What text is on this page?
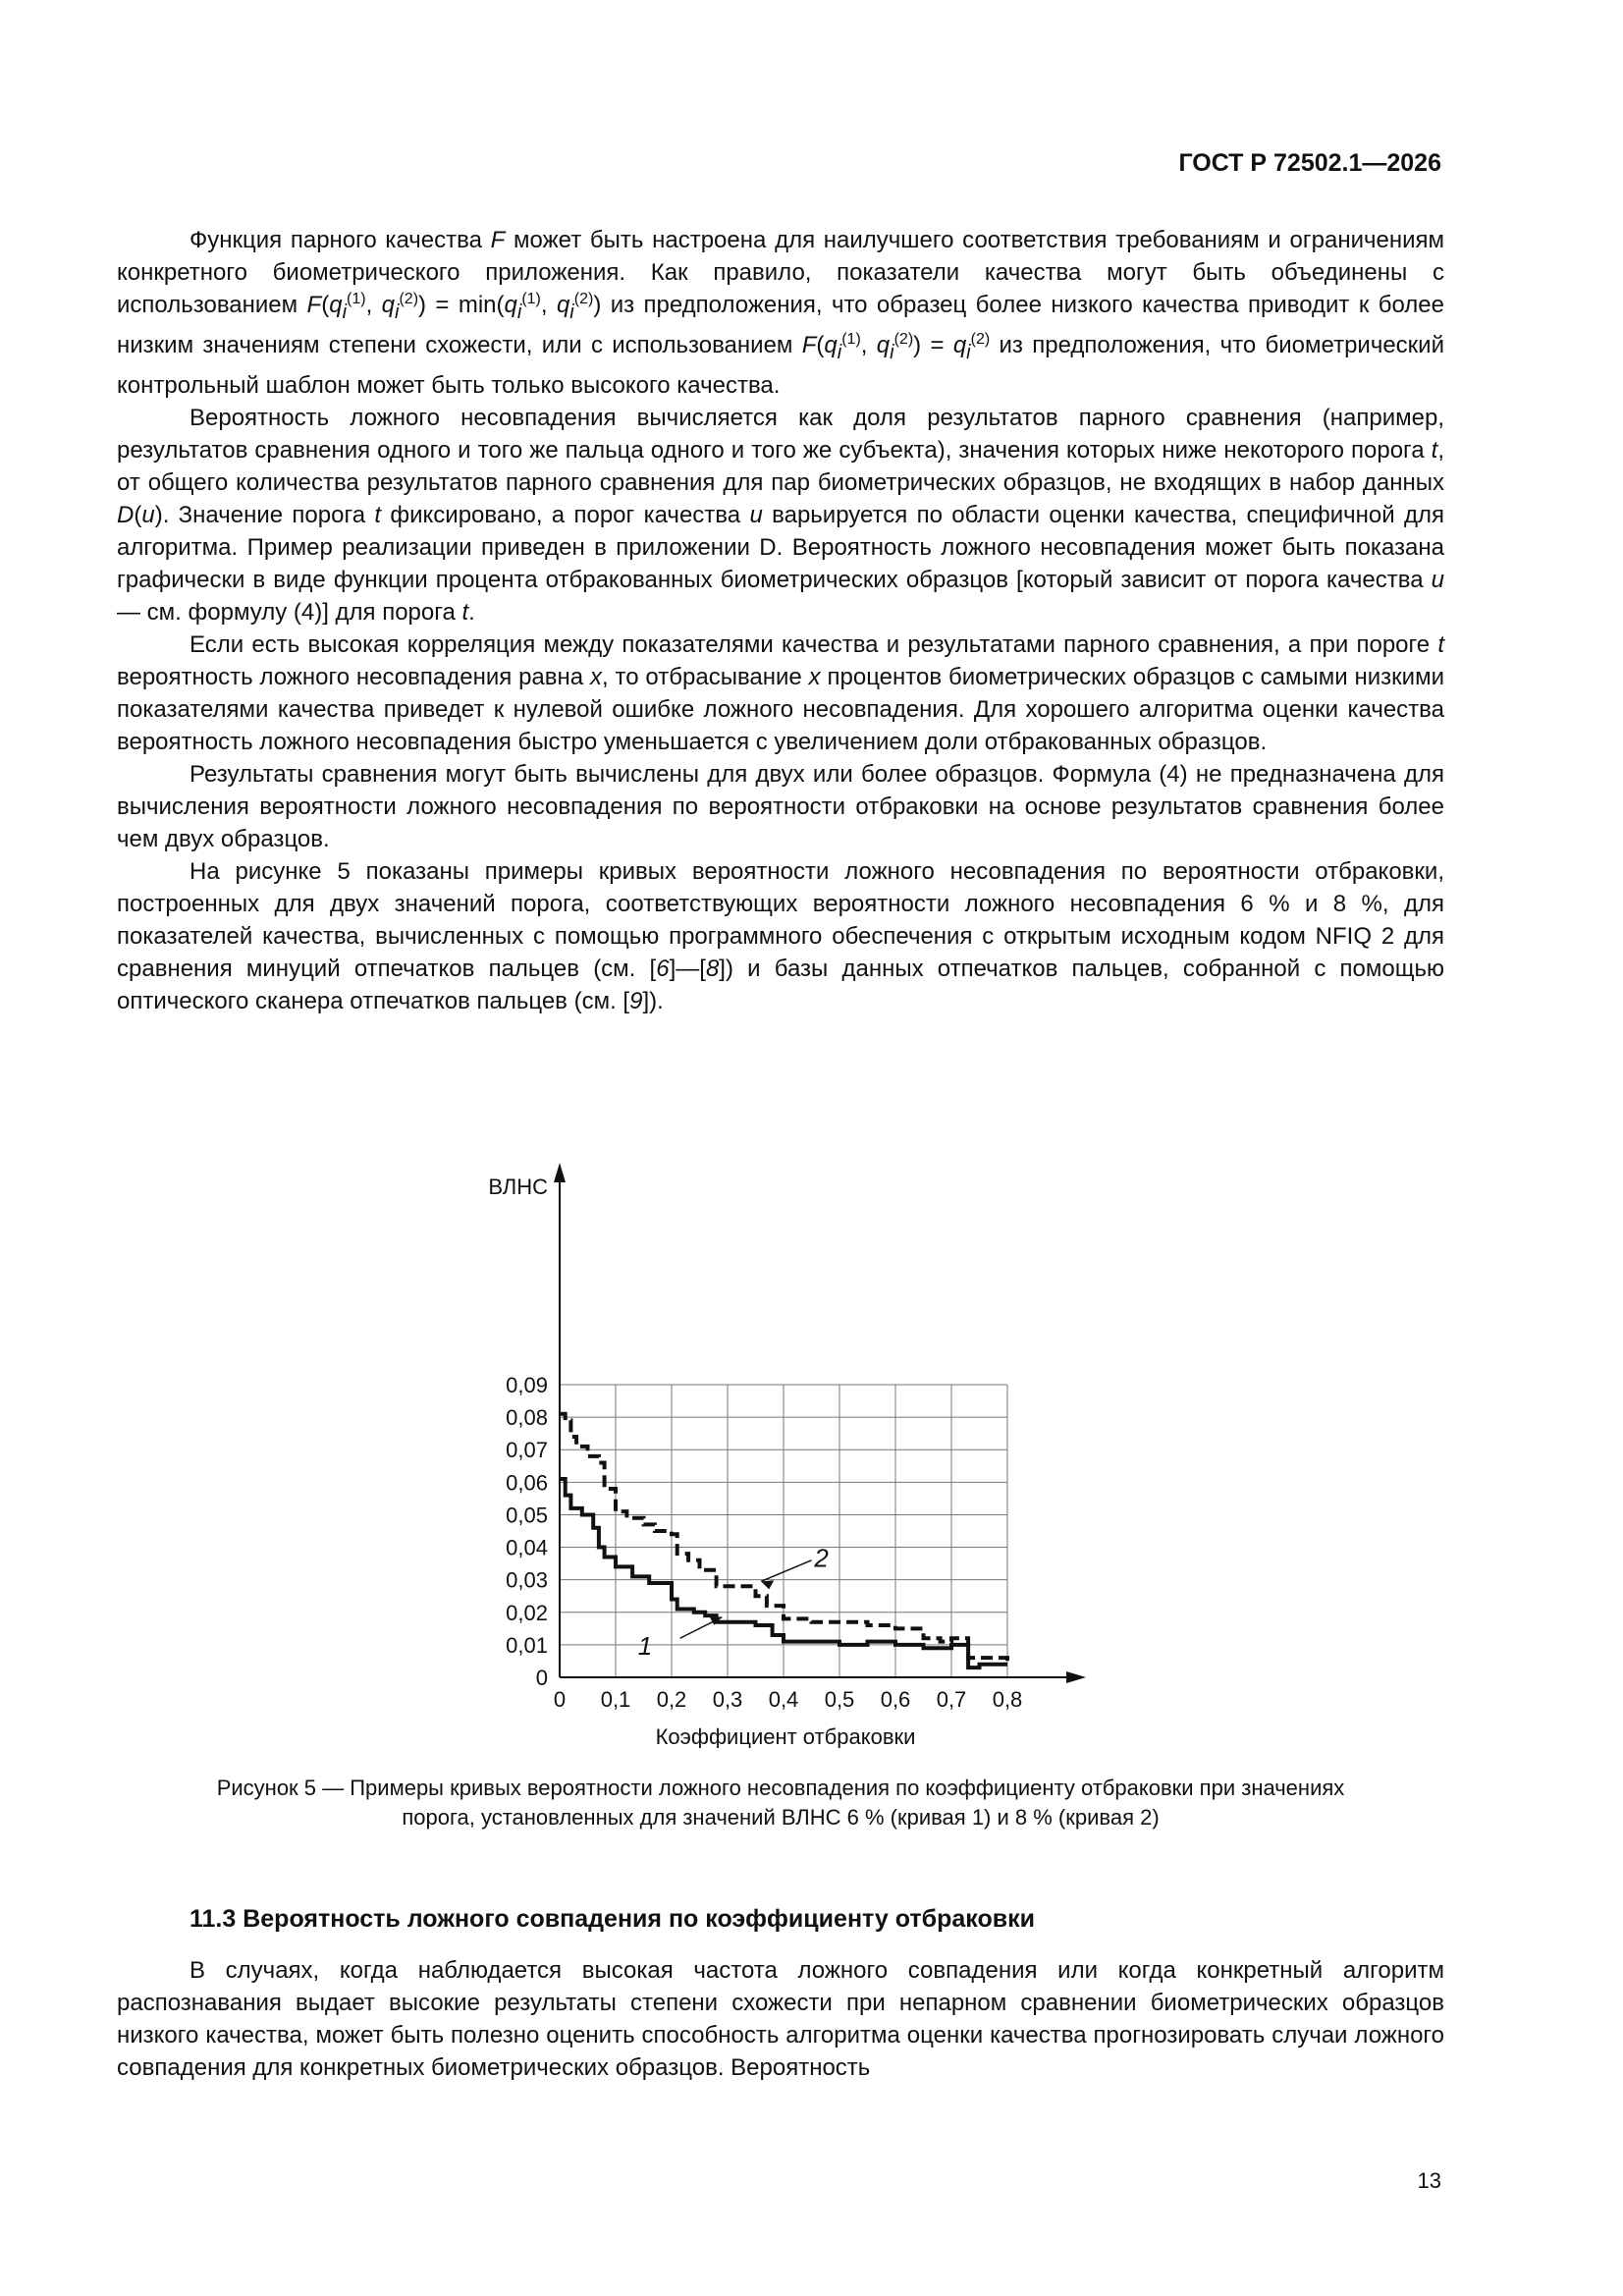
ГОСТ Р 72502.1—2026

Функция парного качества F может быть настроена для наилучшего соответствия требованиям и ограничениям конкретного биометрического приложения. Как правило, показатели качества могут быть объединены с использованием $F(q_i^{(1)}$, $q_i^{(2)}) = \min(q_i^{(1)}$, $q_i^{(2)}$) из предположения, что образец более низкого качества приводит к более низким значениям степени схожести, или с использованием $F(q_i^{(1)}$, $q_i^{(2)}) = q_i^{(2)}$ из предположения, что биометрический контрольный шаблон может быть только высокого качества.

Вероятность ложного несовпадения вычисляется как доля результатов парного сравнения (например, результатов сравнения одного и того же пальца одного и того же субъекта), значения которых ниже некоторого порога t, от общего количества результатов парного сравнения для пар биометрических образцов, не входящих в набор данных D(u). Значение порога t фиксировано, а порог качества u варьируется по области оценки качества, специфичной для алгоритма. Пример реализации приведен в приложении D. Вероятность ложного несовпадения может быть показана графически в виде функции процента отбракованных биометрических образцов [который зависит от порога качества u — см. формулу (4)] для порога t.

Если есть высокая корреляция между показателями качества и результатами парного сравнения, а при пороге t вероятность ложного несовпадения равна x, то отбрасывание x процентов биометрических образцов с самыми низкими показателями качества приведет к нулевой ошибке ложного несовпадения. Для хорошего алгоритма оценки качества вероятность ложного несовпадения быстро уменьшается с увеличением доли отбракованных образцов.

Результаты сравнения могут быть вычислены для двух или более образцов. Формула (4) не предназначена для вычисления вероятности ложного несовпадения по вероятности отбраковки на основе результатов сравнения более чем двух образцов.

На рисунке 5 показаны примеры кривых вероятности ложного несовпадения по вероятности отбраковки, построенных для двух значений порога, соответствующих вероятности ложного несовпадения 6 % и 8 %, для показателей качества, вычисленных с помощью программного обеспечения с открытым исходным кодом NFIQ 2 для сравнения минуций отпечатков пальцев (см. [6]—[8]) и базы данных отпечатков пальцев, собранной с помощью оптического сканера отпечатков пальцев (см. [9]).

0 0,1 0,2 0,3 0,4 0,5 0,6 0,7 0,8
0
0,01
0,02
0,03
0,04
0,05
0,06
0,07
0,08
0,09
ВЛНС
Коэффициент отбраковки
1
2
Рисунок 5 — Примеры кривых вероятности ложного несовпадения по коэффициенту отбраковки при значениях
порога, установленных для значений ВЛНС 6 % (кривая 1) и 8 % (кривая 2)
11.3 Вероятность ложного совпадения по коэффициенту отбраковки

В случаях, когда наблюдается высокая частота ложного совпадения или когда конкретный алгоритм распознавания выдает высокие результаты степени схожести при непарном сравнении биометрических образцов низкого качества, может быть полезно оценить способность алгоритма оценки качества прогнозировать случаи ложного совпадения для конкретных биометрических образцов. Вероятность

13
